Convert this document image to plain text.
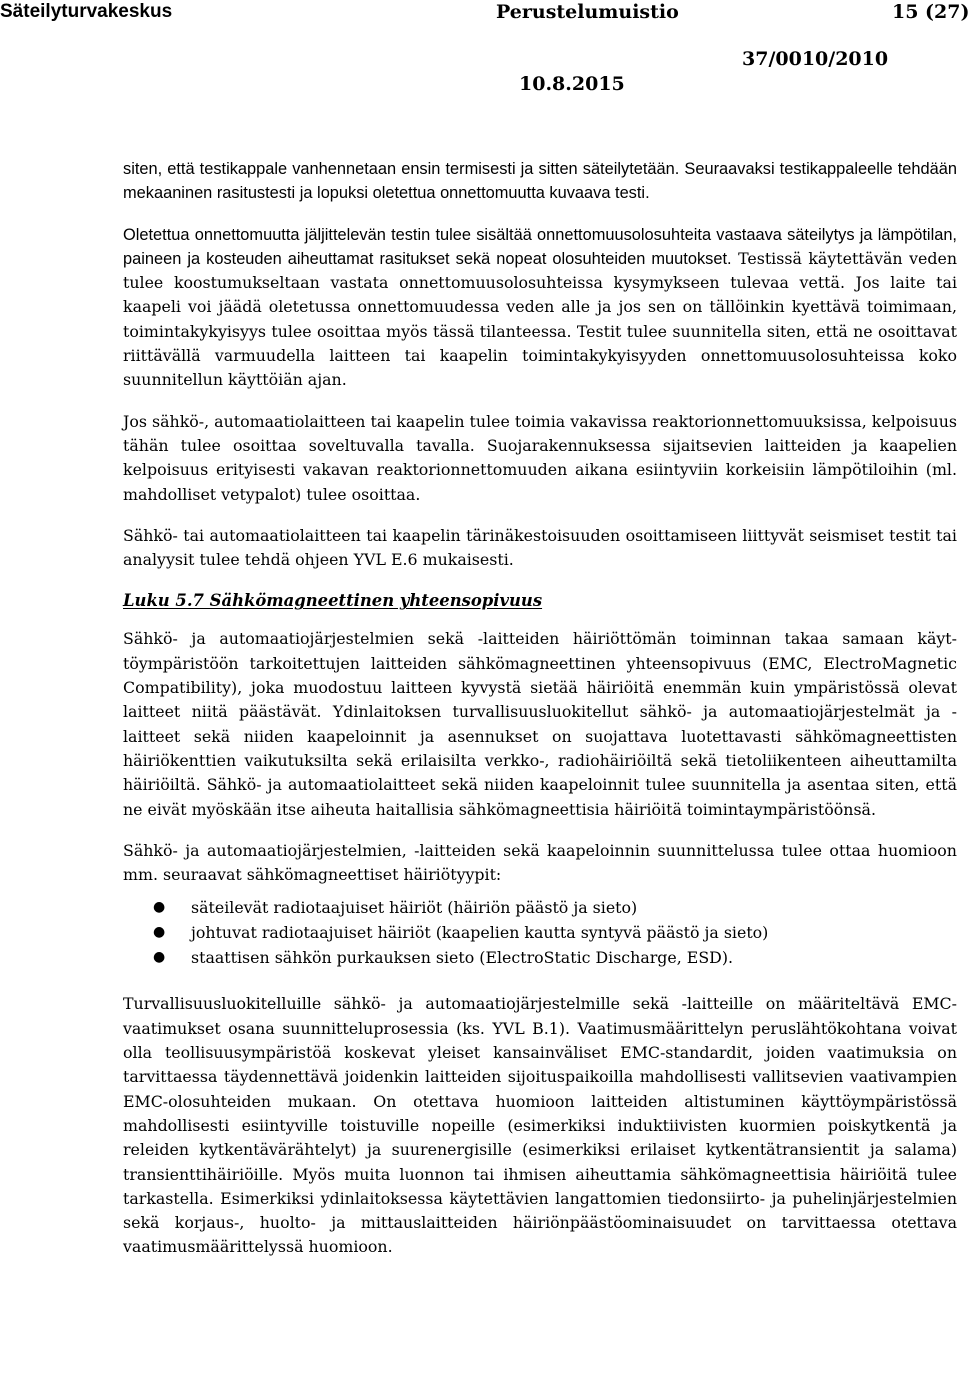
Säteilyturvakeskus	Perustelumuistio	15 (27)
37/0010/2010
10.8.2015

siten, että testikappale vanhennetaan ensin termisesti ja sitten säteilytetään. Seuraavaksi testikappaleelle tehdään mekaaninen rasitustesti ja lopuksi oletettua onnettomuutta kuvaava testi.

Oletettua onnettomuutta jäljittelevän testin tulee sisältää onnettomuusolosuhteita vastaava säteilytys ja lämpötilan, paineen ja kosteuden aiheuttamat rasitukset sekä nopeat olosuhteiden muutokset. Testissä käytettävän veden tulee koostumukseltaan vastata onnettomuusolosuhteissa kysymykseen tulevaa vettä. Jos laite tai kaapeli voi jäädä oletetussa onnettomuudessa veden alle ja jos sen on tällöinkin kyettävä toimimaan, toimintakykyisyys tulee osoittaa myös tässä tilanteessa. Testit tulee suunnitella siten, että ne osoittavat riittävällä varmuudella laitteen tai kaapelin toimintakykyisyyden onnettomuusolosuhteissa koko suunnitellun käyttöiän ajan.

Jos sähkö-, automaatiolaitteen tai kaapelin tulee toimia vakavissa reaktorionnettomuuksissa, kelpoisuus tähän tulee osoittaa soveltuvalla tavalla. Suojarakennuksessa sijaitsevien laitteiden ja kaapelien kelpoisuus erityisesti vakavan reaktorionnettomuuden aikana esiintyviin korkeisiin lämpötiloihin (ml. mahdolliset vetypalot) tulee osoittaa.

Sähkö- tai automaatiolaitteen tai kaapelin tärinäkestoisuuden osoittamiseen liittyvät seismiset testit tai analyysit tulee tehdä ohjeen YVL E.6 mukaisesti.

Luku 5.7 Sähkömagneettinen yhteensopivuus

Sähkö- ja automaatiojärjestelmien sekä -laitteiden häiriöttömän toiminnan takaa samaan käyttöympäristöön tarkoitettujen laitteiden sähkömagneettinen yhteensopivuus (EMC, ElectroMagnetic Compatibility), joka muodostuu laitteen kyvystä sietää häiriöitä enemmän kuin ympäristössä olevat laitteet niitä päästävät. Ydinlaitoksen turvallisuusluokitellut sähkö- ja automaatiojärjestelmät ja -laitteet sekä niiden kaapeloinnit ja asennukset on suojattava luotettavasti sähkömagneettisten häiriökenttien vaikutuksilta sekä erilaisilta verkko-, radiohäiriöiltä sekä tietoliikenteen aiheuttamilta häiriöiltä. Sähkö- ja automaatiolaitteet sekä niiden kaapeloinnit tulee suunnitella ja asentaa siten, että ne eivät myöskään itse aiheuta haitallisia sähkömagneettisia häiriöitä toimintaympäristöönsä.

Sähkö- ja automaatiojärjestelmien, -laitteiden sekä kaapeloinnin suunnittelussa tulee ottaa huomioon mm. seuraavat sähkömagneettiset häiriötyypit:

● säteilevät radiotaajuiset häiriöt (häiriön päästö ja sieto)
● johtuvat radiotaajuiset häiriöt (kaapelien kautta syntyvä päästö ja sieto)
● staattisen sähkön purkauksen sieto (ElectroStatic Discharge, ESD).

Turvallisuusluokitelluille sähkö- ja automaatiojärjestelmille sekä -laitteille on määriteltävä EMC-vaatimukset osana suunnitteluprosessia (ks. YVL B.1). Vaatimusmäärittelyn peruslähtökohtana voivat olla teollisuusympäristöä koskevat yleiset kansainväliset EMC-standardit, joiden vaatimuksia on tarvittaessa täydennettävä joidenkin laitteiden sijoituspaikoilla mahdollisesti vallitsevien vaativampien EMC-olosuhteiden mukaan. On otettava huomioon laitteiden altistuminen käyttöympäristössä mahdollisesti esiintyville toistuville nopeille (esimerkiksi induktiivisten kuormien poiskytkentä ja releiden kytkentävärähtelyt) ja suurenergisille (esimerkiksi erilaiset kytkentätransientit ja salama) transienttihäiriöille. Myös muita luonnon tai ihmisen aiheuttamia sähkömagneettisia häiriöitä tulee tarkastella. Esimerkiksi ydinlaitoksessa käytettävien langattomien tiedonsiirto- ja puhelinjärjestelmien sekä korjaus-, huolto- ja mittauslaitteiden häiriönpäästöominaisuudet on tarvittaessa otettava vaatimusmäärittelyssä huomioon.
